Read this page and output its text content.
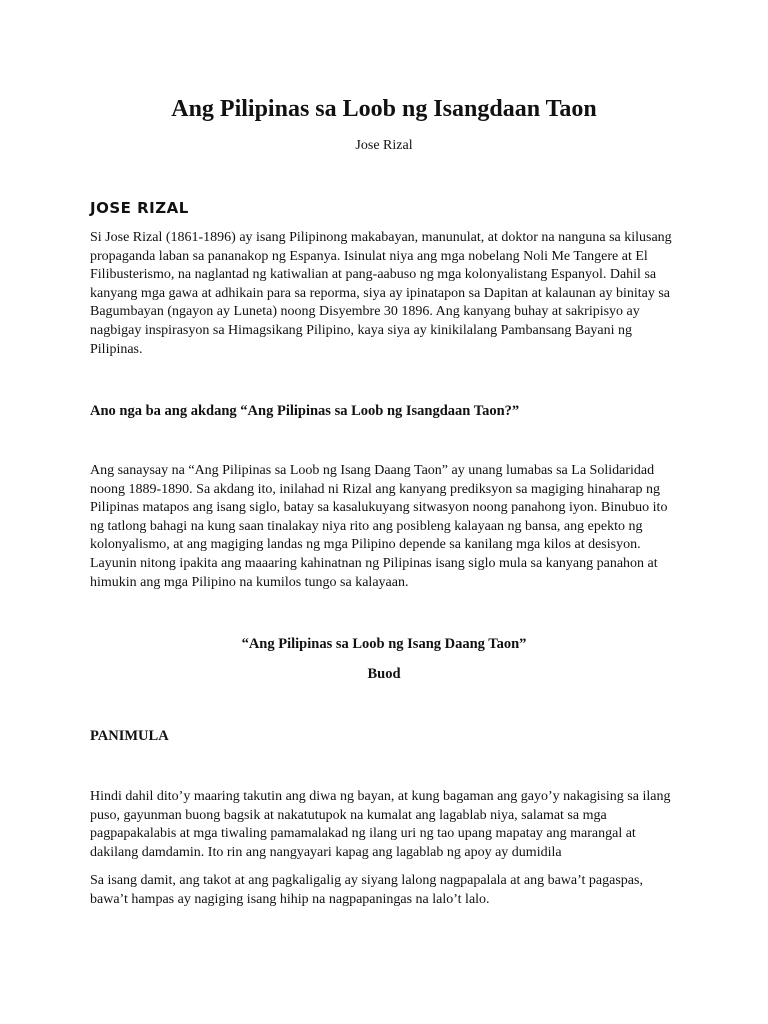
Ang Pilipinas sa Loob ng Isangdaan Taon
Jose Rizal
JOSE RIZAL

Si Jose Rizal (1861-1896) ay isang Pilipinong makabayan, manunulat, at doktor na nanguna sa kilusang propaganda laban sa pananakop ng Espanya. Isinulat niya ang mga nobelang Noli Me Tangere at El Filibusterismo, na naglantad ng katiwalian at pang-aabuso ng mga kolonyalistang Espanyol. Dahil sa kanyang mga gawa at adhikain para sa reporma, siya ay ipinatapon sa Dapitan at kalaunan ay binitay sa Bagumbayan (ngayon ay Luneta) noong Disyembre 30 1896. Ang kanyang buhay at sakripisyo ay nagbigay inspirasyon sa Himagsikang Pilipino, kaya siya ay kinikilalang Pambansang Bayani ng Pilipinas.

Ano nga ba ang akdang “Ang Pilipinas sa Loob ng Isangdaan Taon?”

Ang sanaysay na “Ang Pilipinas sa Loob ng Isang Daang Taon” ay unang lumabas sa La Solidaridad noong 1889-1890. Sa akdang ito, inilahad ni Rizal ang kanyang prediksyon sa magiging hinaharap ng Pilipinas matapos ang isang siglo, batay sa kasalukuyang sitwasyon noong panahong iyon. Binubuo ito ng tatlong bahagi na kung saan tinalakay niya rito ang posibleng kalayaan ng bansa, ang epekto ng kolonyalismo, at ang magiging landas ng mga Pilipino depende sa kanilang mga kilos at desisyon. Layunin nitong ipakita ang maaaring kahinatnan ng Pilipinas isang siglo mula sa kanyang panahon at himukin ang mga Pilipino na kumilos tungo sa kalayaan.

“Ang Pilipinas sa Loob ng Isang Daang Taon”
Buod
PANIMULA

Hindi dahil dito’y maaring takutin ang diwa ng bayan, at kung bagaman ang gayo’y nakagising sa ilang puso, gayunman buong bagsik at nakatutupok na kumalat ang lagablab niya, salamat sa mga pagpapakalabis at mga tiwaling pamamalakad ng ilang uri ng tao upang mapatay ang marangal at dakilang damdamin. Ito rin ang nangyayari kapag ang lagablab ng apoy ay dumidila

Sa isang damit, ang takot at ang pagkaligalig ay siyang lalong nagpapalala at ang bawa’t pagaspas, bawa’t hampas ay nagiging isang hihip na nagpapaningas na lalo’t lalo.
